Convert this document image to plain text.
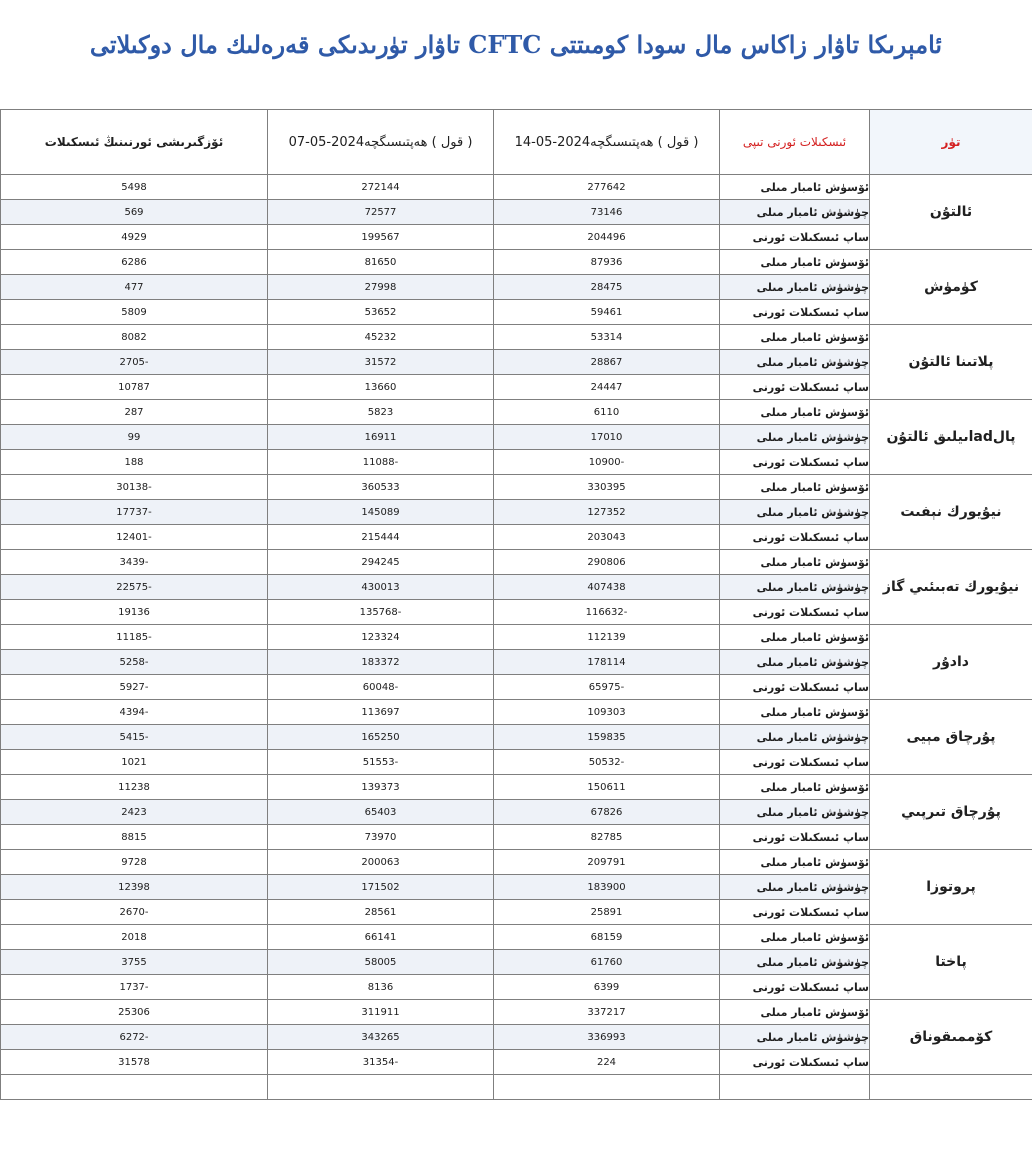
ئامېرىكا تاۋار زاكاس مال سودا كومىتتى CFTC تاۋار تۈرىدىكى قەرەلىك مال دوكىلاتى
تۈر	ئىسكىلات ئورنى تىپى	( قول ) ھەپتىسىگچە2024-05-14	( قول ) ھەپتىسىگچە2024-05-07	ئۆزگىرىشى ئورنىنىڭ ئىسكىلات
ئالتۇن	ئۆسۈش ئامبار مىلى	277642	272144	5498
	چۈشۈش ئامبار مىلى	73146	72577	569
	ساپ ئىسكىلات ئورنى	204496	199567	4929
كۈمۈش	ئۆسۈش ئامبار مىلى	87936	81650	6286
	چۈشۈش ئامبار مىلى	28475	27998	477
	ساپ ئىسكىلات ئورنى	59461	53652	5809
پلاتىنا ئالتۇن	ئۆسۈش ئامبار مىلى	53314	45232	8082
	چۈشۈش ئامبار مىلى	28867	31572	-2705
	ساپ ئىسكىلات ئورنى	24447	13660	10787
پالladىيلىق ئالتۇن	ئۆسۈش ئامبار مىلى	6110	5823	287
	چۈشۈش ئامبار مىلى	17010	16911	99
	ساپ ئىسكىلات ئورنى	-10900	-11088	188
نيۇيورك نېفىت	ئۆسۈش ئامبار مىلى	330395	360533	-30138
	چۈشۈش ئامبار مىلى	127352	145089	-17737
	ساپ ئىسكىلات ئورنى	203043	215444	-12401
نيۇيورك تەبىئىي گاز	ئۆسۈش ئامبار مىلى	290806	294245	-3439
	چۈشۈش ئامبار مىلى	407438	430013	-22575
	ساپ ئىسكىلات ئورنى	-116632	-135768	19136
دادۇر	ئۆسۈش ئامبار مىلى	112139	123324	-11185
	چۈشۈش ئامبار مىلى	178114	183372	-5258
	ساپ ئىسكىلات ئورنى	-65975	-60048	-5927
پۇرچاق مېيى	ئۆسۈش ئامبار مىلى	109303	113697	-4394
	چۈشۈش ئامبار مىلى	159835	165250	-5415
	ساپ ئىسكىلات ئورنى	-50532	-51553	1021
پۇرچاق تىرپىي	ئۆسۈش ئامبار مىلى	150611	139373	11238
	چۈشۈش ئامبار مىلى	67826	65403	2423
	ساپ ئىسكىلات ئورنى	82785	73970	8815
پروتوزا	ئۆسۈش ئامبار مىلى	209791	200063	9728
	چۈشۈش ئامبار مىلى	183900	171502	12398
	ساپ ئىسكىلات ئورنى	25891	28561	-2670
پاختا	ئۆسۈش ئامبار مىلى	68159	66141	2018
	چۈشۈش ئامبار مىلى	61760	58005	3755
	ساپ ئىسكىلات ئورنى	6399	8136	-1737
كۆممىقوناق	ئۆسۈش ئامبار مىلى	337217	311911	25306
	چۈشۈش ئامبار مىلى	336993	343265	-6272
	ساپ ئىسكىلات ئورنى	224	-31354	31578
